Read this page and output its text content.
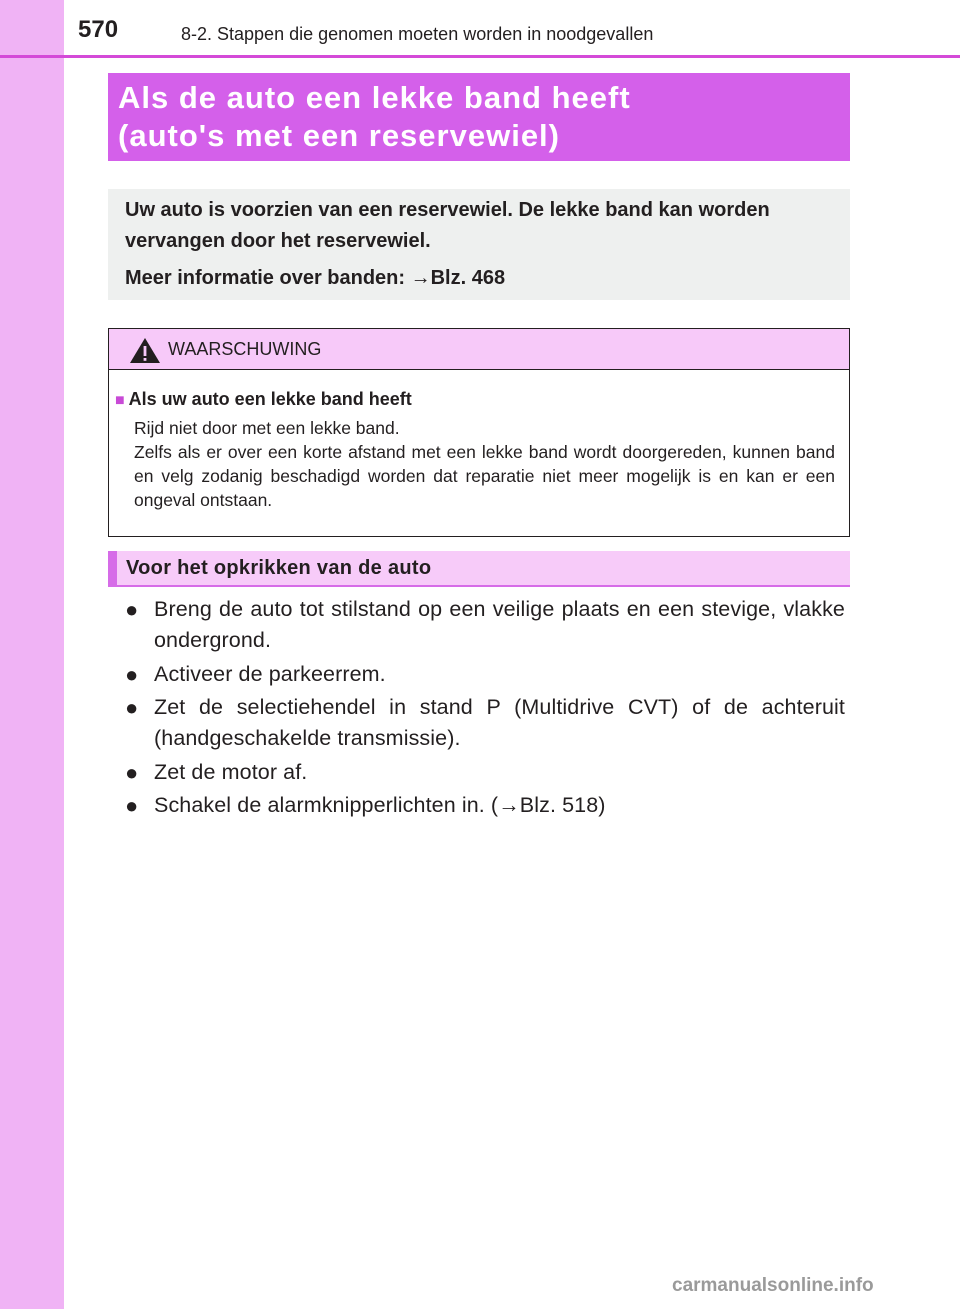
570	8-2. Stappen die genomen moeten worden in noodgevallen
Als de auto een lekke band heeft
(auto's met een reservewiel)

Uw auto is voorzien van een reservewiel. De lekke band kan worden vervangen door het reservewiel.

Meer informatie over banden: →Blz. 468

WAARSCHUWING
■ Als uw auto een lekke band heeft

Rijd niet door met een lekke band.

Zelfs als er over een korte afstand met een lekke band wordt doorgereden, kunnen band en velg zodanig beschadigd worden dat reparatie niet meer mogelijk is en kan er een ongeval ontstaan.

Voor het opkrikken van de auto
● Breng de auto tot stilstand op een veilige plaats en een stevige, vlakke ondergrond.
● Activeer de parkeerrem.
● Zet de selectiehendel in stand P (Multidrive CVT) of de achteruit (handgeschakelde transmissie).
● Zet de motor af.
● Schakel de alarmknipperlichten in. (→Blz. 518)
carmanualsonline.info
